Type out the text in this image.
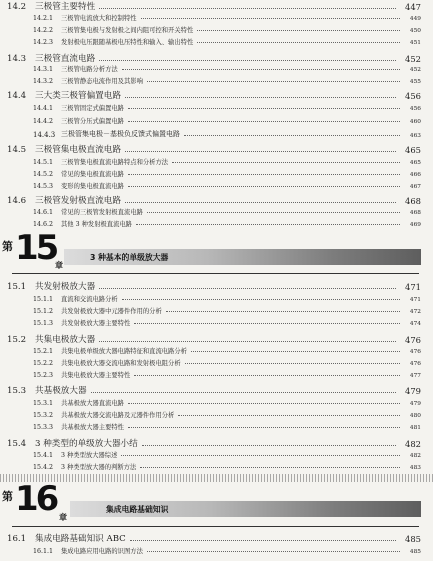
14.2	三极管主要特性	447
14.2.1	三极管电流放大和控制特性	449
14.2.2	三极管集电极与发射极之间内阻可控和开关特性	450
14.2.3	发射极电压跟随基极电压特性和输入、输出特性	451
14.3	三极管直流电路	452
14.3.1	三极管电路分析方法	452
14.3.2	三极管静态电流作用及其影响	455
14.4	三大类三极管偏置电路	456
14.4.1	三极管固定式偏置电路	456
14.4.2	三极管分压式偏置电路	460
14.4.3 三极管集电极－基极负反馈式偏置电路	463
14.5	三极管集电极直流电路	465
14.5.1	三极管集电极直流电路特点和分析方法	465
14.5.2	常见的集电极直流电路	466
14.5.3	变形的集电极直流电路	467
14.6	三极管发射极直流电路	468
14.6.1	常见的三极管发射极直流电路	468
14.6.2	其他 3 种发射极直流电路	469
第 15
章
3 种基本的单级放大器
15.1	共发射极放大器	471
15.1.1	直流和交流电路分析	471
15.1.2	共发射极放大器中元器件作用的分析	472
15.1.3	共发射极放大器主要特性	474
15.2	共集电极放大器	476
15.2.1	共集电极单级放大器电路特征和直流电路分析	476
15.2.2	共集电极放大器交流电路和发射极电阻分析	476
15.2.3	共集电极放大器主要特性	477
15.3	共基极放大器	479
15.3.1	共基极放大器直流电路	479
15.3.2	共基极放大器交流电路及元器件作用分析	480
15.3.3	共基极放大器主要特性	481
15.4	3 种类型的单级放大器小结	482
15.4.1	3 种类型放大器综述	482
15.4.2	3 种类型放大器的判断方法	483
第 16 章
集成电路基础知识
16.1	集成电路基础知识 ABC	485
16.1.1	集成电路应用电路的识图方法	485
